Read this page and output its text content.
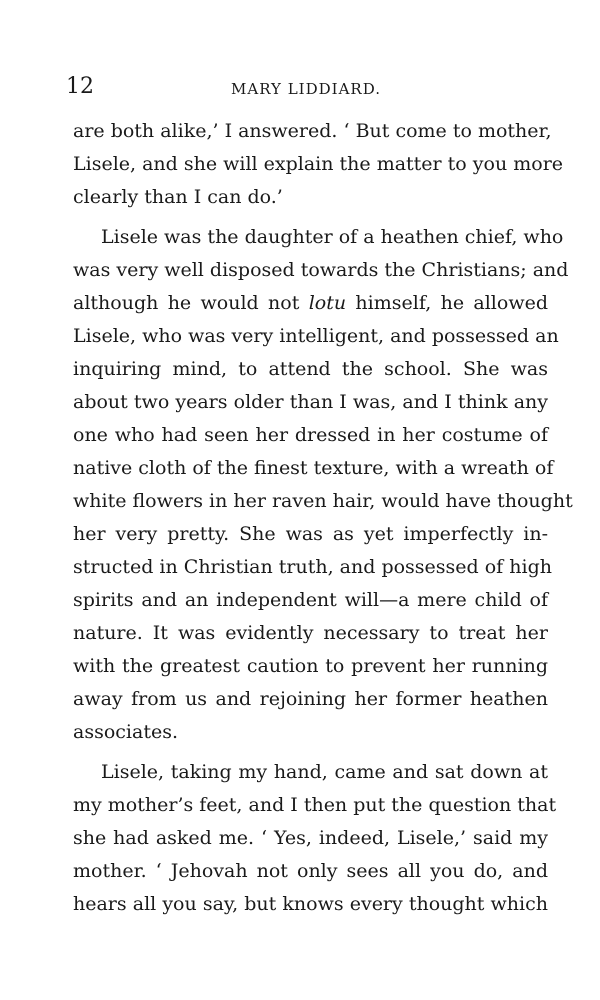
12	MARY LIDDIARD.
are both alike,’ I answered. ‘ But come to mother,
Lisele, and she will explain the matter to you more
clearly than I can do.’
Lisele was the daughter of a heathen chief, who
was very well disposed towards the Christians; and
although he would not lotu himself, he allowed
Lisele, who was very intelligent, and possessed an
inquiring mind, to attend the school. She was
about two years older than I was, and I think any
one who had seen her dressed in her costume of
native cloth of the finest texture, with a wreath of
white flowers in her raven hair, would have thought
her very pretty. She was as yet imperfectly in-
structed in Christian truth, and possessed of high
spirits and an independent will—a mere child of
nature. It was evidently necessary to treat her
with the greatest caution to prevent her running
away from us and rejoining her former heathen
associates.
Lisele, taking my hand, came and sat down at
my mother’s feet, and I then put the question that
she had asked me. ‘ Yes, indeed, Lisele,’ said my
mother. ‘ Jehovah not only sees all you do, and
hears all you say, but knows every thought which
